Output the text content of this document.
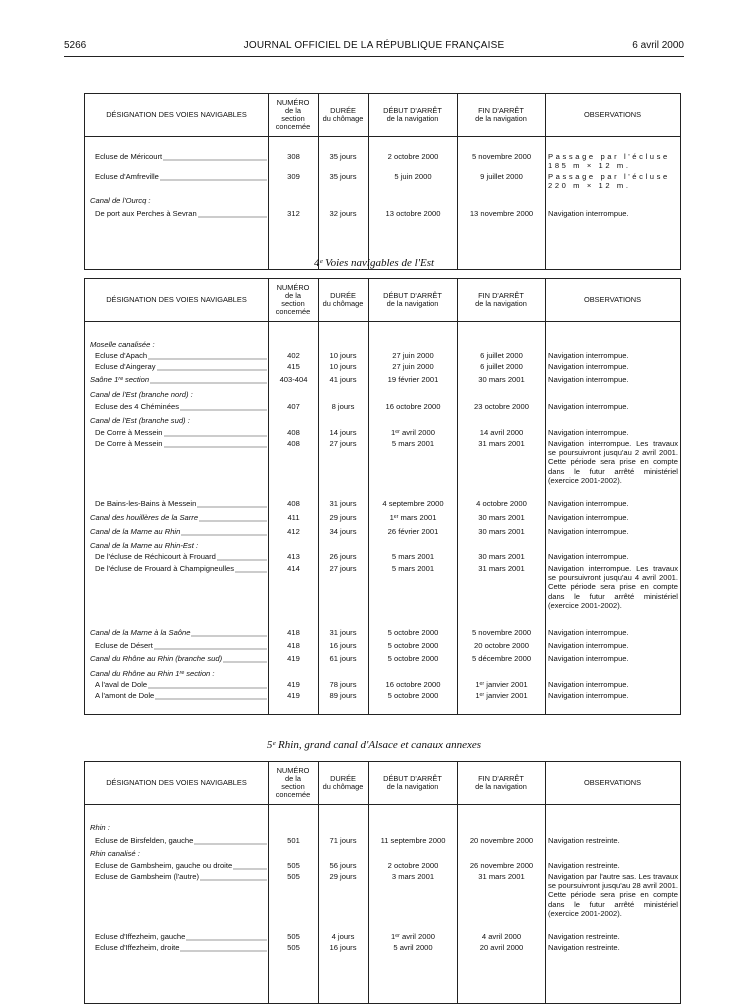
5266	JOURNAL OFFICIEL DE LA RÉPUBLIQUE FRANÇAISE	6 avril 2000
DÉSIGNATION DES VOIES NAVIGABLES
NUMÉRO
de la
section
concernée
DURÉE
du chômage
DÉBUT D'ARRÊT
de la navigation
FIN D'ARRÊT
de la navigation	OBSERVATIONS
Ecluse de Méricourt	308	35 jours	2 octobre 2000	5 novembre 2000	Passage par l'écluse 185 m × 12 m.
Ecluse d'Amfreville	309	35 jours	5 juin 2000	9 juillet 2000	Passage par l'écluse 220 m × 12 m.
Canal de l'Ourcq :
De port aux Perches à Sevran	312	32 jours	13 octobre 2000	13 novembre 2000	Navigation interrompue.
4ᵉ Voies navigables de l'Est
DÉSIGNATION DES VOIES NAVIGABLES
NUMÉRO
de la
section
concernée
DURÉE
du chômage
DÉBUT D'ARRÊT
de la navigation
FIN D'ARRÊT
de la navigation	OBSERVATIONS
Moselle canalisée :
Ecluse d'Apach	402	10 jours	27 juin 2000	6 juillet 2000	Navigation interrompue.
Ecluse d'Aingeray	415	10 jours	27 juin 2000	6 juillet 2000	Navigation interrompue.
Saône 1ʳᵉ section	403-404	41 jours	19 février 2001	30 mars 2001	Navigation interrompue.
Canal de l'Est (branche nord) :
Ecluse des 4 Chéminées	407	8 jours	16 octobre 2000	23 octobre 2000	Navigation interrompue.
Canal de l'Est (branche sud) :
De Corre à Messein	408	14 jours	1ᵉʳ avril 2000	14 avril 2000	Navigation interrompue.
De Corre à Messein	408	27 jours	5 mars 2001	31 mars 2001	Navigation interrompue. Les travaux se poursuivront jusqu'au 2 avril 2001. Cette période sera prise en compte dans le futur arrêté ministériel (exercice 2001-2002).
De Bains-les-Bains à Messein	408	31 jours	4 septembre 2000	4 octobre 2000	Navigation interrompue.
Canal des houillères de la Sarre	411	29 jours	1ᵉʳ mars 2001	30 mars 2001	Navigation interrompue.
Canal de la Marne au Rhin	412	34 jours	26 février 2001	30 mars 2001	Navigation interrompue.
Canal de la Marne au Rhin-Est :
De l'écluse de Réchicourt à Frouard	413	26 jours	5 mars 2001	30 mars 2001	Navigation interrompue.
De l'écluse de Frouard à Champigneulles	414	27 jours	5 mars 2001	31 mars 2001	Navigation interrompue. Les travaux se poursuivront jusqu'au 4 avril 2001. Cette période sera prise en compte dans le futur arrêté ministériel (exercice 2001-2002).
Canal de la Marne à la Saône	418	31 jours	5 octobre 2000	5 novembre 2000	Navigation interrompue.
Ecluse de Désert	418	16 jours	5 octobre 2000	20 octobre 2000	Navigation interrompue.
Canal du Rhône au Rhin (branche sud)	419	61 jours	5 octobre 2000	5 décembre 2000	Navigation interrompue.
Canal du Rhône au Rhin 1ʳᵉ section :
A l'aval de Dole	419	78 jours	16 octobre 2000	1ᵉʳ janvier 2001	Navigation interrompue.
A l'amont de Dole	419	89 jours	5 octobre 2000	1ᵉʳ janvier 2001	Navigation interrompue.
5ᵉ Rhin, grand canal d'Alsace et canaux annexes
DÉSIGNATION DES VOIES NAVIGABLES
NUMÉRO
de la
section
concernée
DURÉE
du chômage
DÉBUT D'ARRÊT
de la navigation
FIN D'ARRÊT
de la navigation	OBSERVATIONS
Rhin :
Ecluse de Birsfelden, gauche	501	71 jours	11 septembre 2000	20 novembre 2000	Navigation restreinte.
Rhin canalisé :
Ecluse de Gambsheim, gauche ou droite	505	56 jours	2 octobre 2000	26 novembre 2000	Navigation restreinte.
Ecluse de Gambsheim (l'autre)	505	29 jours	3 mars 2001	31 mars 2001	Navigation par l'autre sas. Les travaux se poursuivront jusqu'au 28 avril 2001. Cette période sera prise en compte dans le futur arrêté ministériel (exercice 2001-2002).
Ecluse d'Iffezheim, gauche	505	4 jours	1ᵉʳ avril 2000	4 avril 2000	Navigation restreinte.
Ecluse d'Iffezheim, droite	505	16 jours	5 avril 2000	20 avril 2000	Navigation restreinte.
